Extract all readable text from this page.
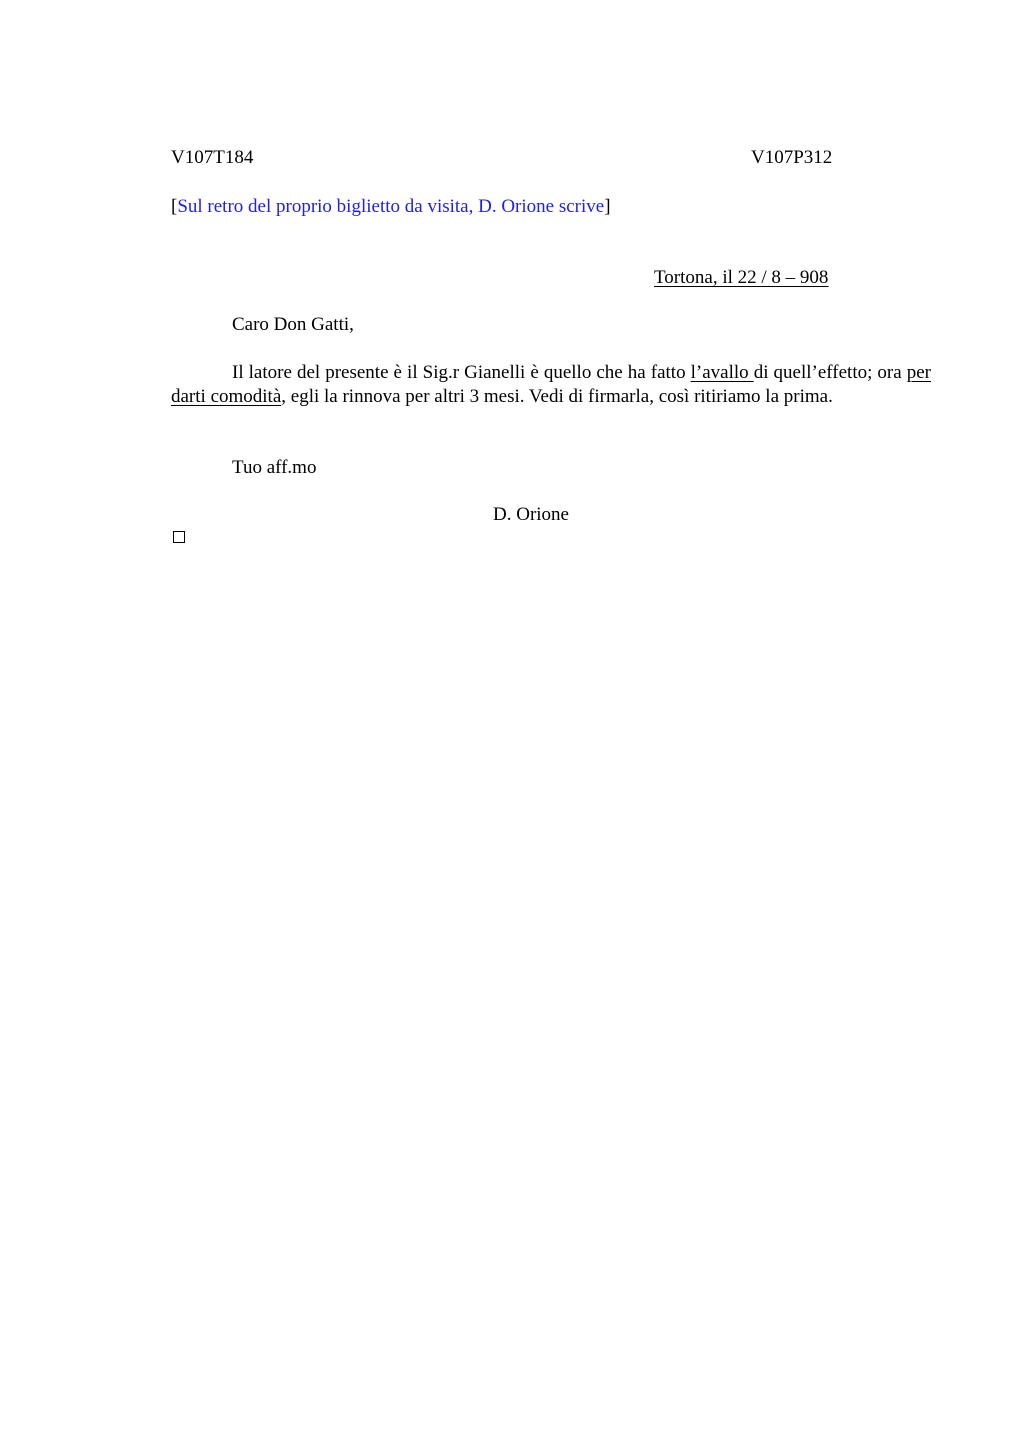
V107T184	V107P312
[Sul retro del proprio biglietto da visita, D. Orione scrive]
Tortona, il 22 / 8 – 908
Caro Don Gatti,
Il latore del presente è il Sig.r Gianelli è quello che ha fatto l’avallo di quell’effetto; ora per darti comodità, egli la rinnova per altri 3 mesi. Vedi di firmarla, così ritiriamo la prima.
Tuo aff.mo
D. Orione
